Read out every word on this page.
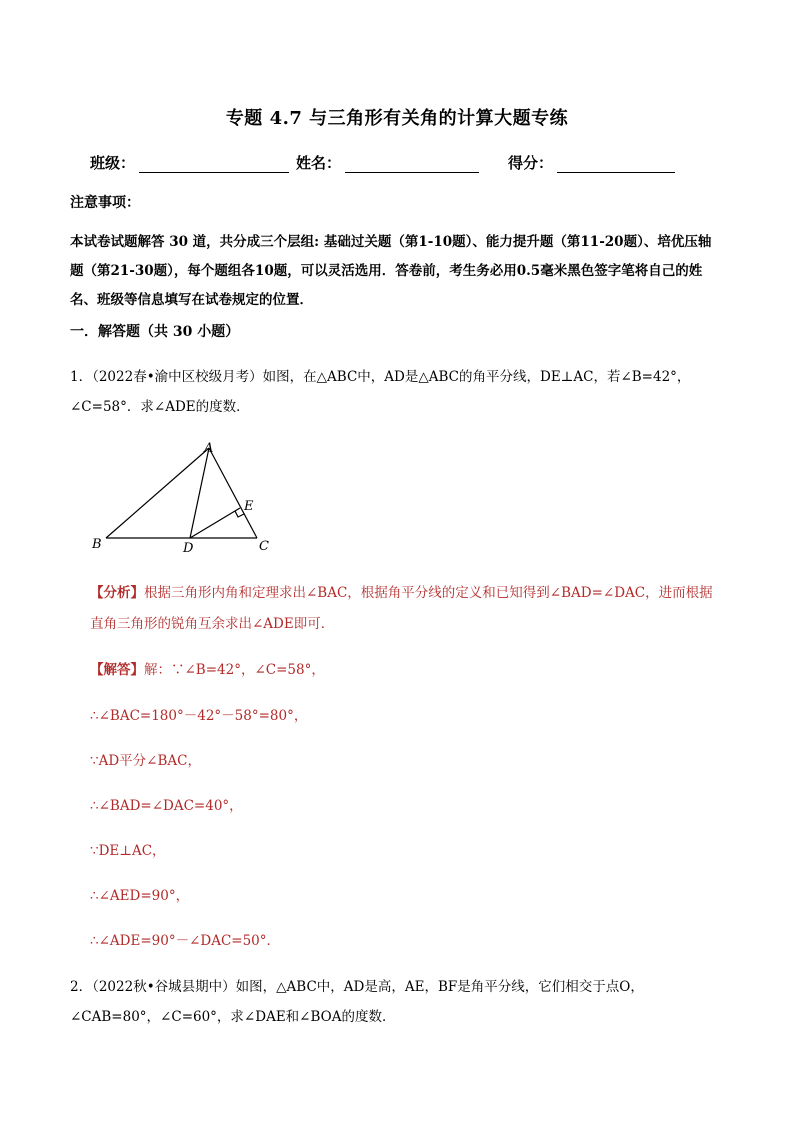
专题 4.7 与三角形有关角的计算大题专练
班级：	姓名：	得分：
注意事项：
本试卷试题解答 30 道，共分成三个层组: 基础过关题（第1-10题）、能力提升题（第11-20题）、培优压轴题（第21-30题），每个题组各10题，可以灵活选用．答卷前，考生务必用0.5毫米黑色签字笔将自己的姓名、班级等信息填写在试卷规定的位置．
一．解答题（共 30 小题）
1．（2022春•渝中区校级月考）如图，在△ABC中，AD是△ABC的角平分线，DE⊥AC，若∠B=42°，∠C=58°．求∠ADE的度数．
A
B	C
D
E
【分析】根据三角形内角和定理求出∠BAC，根据角平分线的定义和已知得到∠BAD=∠DAC，进而根据直角三角形的锐角互余求出∠ADE即可．
【解答】解：∵∠B=42°，∠C=58°，
∴∠BAC=180°－42°－58°=80°，
∵AD平分∠BAC，
∴∠BAD=∠DAC=40°，
∵DE⊥AC，
∴∠AED=90°，
∴∠ADE=90°－∠DAC=50°．
2．（2022秋•谷城县期中）如图，△ABC中，AD是高，AE，BF是角平分线，它们相交于点O，∠CAB=80°，∠C=60°，求∠DAE和∠BOA的度数．
